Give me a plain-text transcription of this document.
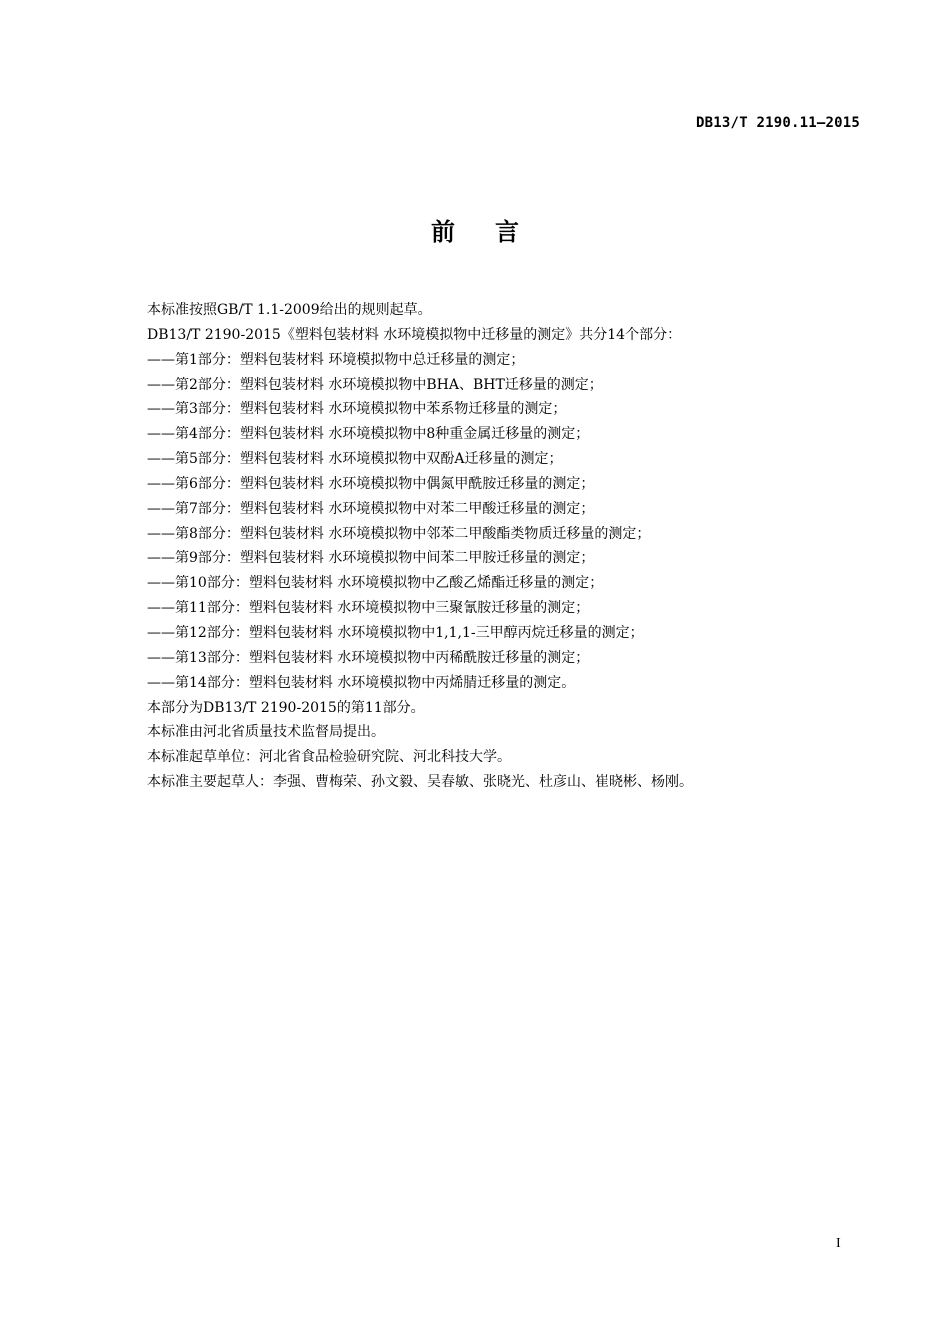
DB13/T 2190.11—2015
前言
本标准按照GB/T 1.1-2009给出的规则起草。
DB13/T 2190-2015《塑料包装材料 水环境模拟物中迁移量的测定》共分14个部分：
——第1部分：塑料包装材料 环境模拟物中总迁移量的测定；
——第2部分：塑料包装材料 水环境模拟物中BHA、BHT迁移量的测定；
——第3部分：塑料包装材料 水环境模拟物中苯系物迁移量的测定；
——第4部分：塑料包装材料 水环境模拟物中8种重金属迁移量的测定；
——第5部分：塑料包装材料 水环境模拟物中双酚A迁移量的测定；
——第6部分：塑料包装材料 水环境模拟物中偶氮甲酰胺迁移量的测定；
——第7部分：塑料包装材料 水环境模拟物中对苯二甲酸迁移量的测定；
——第8部分：塑料包装材料 水环境模拟物中邻苯二甲酸酯类物质迁移量的测定；
——第9部分：塑料包装材料 水环境模拟物中间苯二甲胺迁移量的测定；
——第10部分：塑料包装材料 水环境模拟物中乙酸乙烯酯迁移量的测定；
——第11部分：塑料包装材料 水环境模拟物中三聚氰胺迁移量的测定；
——第12部分：塑料包装材料 水环境模拟物中1,1,1-三甲醇丙烷迁移量的测定；
——第13部分：塑料包装材料 水环境模拟物中丙稀酰胺迁移量的测定；
——第14部分：塑料包装材料 水环境模拟物中丙烯腈迁移量的测定。
本部分为DB13/T 2190-2015的第11部分。
本标准由河北省质量技术监督局提出。
本标准起草单位：河北省食品检验研究院、河北科技大学。
本标准主要起草人：李强、曹梅荣、孙文毅、吴春敏、张晓光、杜彦山、崔晓彬、杨刚。
I
